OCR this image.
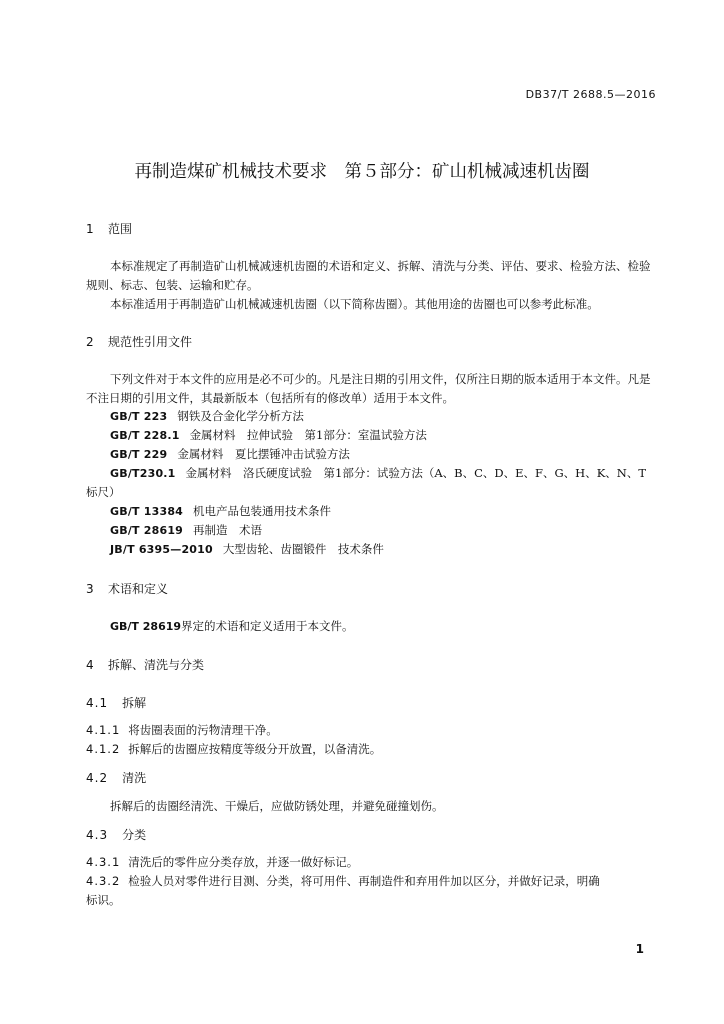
DB37/T 2688.5—2016
再制造煤矿机械技术要求　第５部分：矿山机械减速机齿圈
1 范围
本标准规定了再制造矿山机械减速机齿圈的术语和定义、拆解、清洗与分类、评估、要求、检验方法、检验规则、标志、包装、运输和贮存。
本标准适用于再制造矿山机械减速机齿圈（以下简称齿圈）。其他用途的齿圈也可以参考此标准。
2 规范性引用文件
下列文件对于本文件的应用是必不可少的。凡是注日期的引用文件，仅所注日期的版本适用于本文件。凡是不注日期的引用文件，其最新版本（包括所有的修改单）适用于本文件。
GB/T 223 钢铁及合金化学分析方法
GB/T 228.1 金属材料　拉伸试验　第1部分：室温试验方法
GB/T 229 金属材料　夏比摆锤冲击试验方法
GB/T230.1 金属材料　洛氏硬度试验　第1部分：试验方法（A、B、C、D、E、F、G、H、K、N、T
标尺）
GB/T 13384 机电产品包装通用技术条件
GB/T 28619 再制造　术语
JB/T 6395—2010 大型齿轮、齿圈锻件　技术条件
3 术语和定义
GB/T 28619界定的术语和定义适用于本文件。
4 拆解、清洗与分类
4.1 拆解
4.1.1 将齿圈表面的污物清理干净。
4.1.2 拆解后的齿圈应按精度等级分开放置，以备清洗。
4.2 清洗
拆解后的齿圈经清洗、干燥后，应做防锈处理，并避免碰撞划伤。
4.3 分类
4.3.1 清洗后的零件应分类存放，并逐一做好标记。
4.3.2 检验人员对零件进行目测、分类，将可用件、再制造件和弃用件加以区分，并做好记录，明确
标识。
1
